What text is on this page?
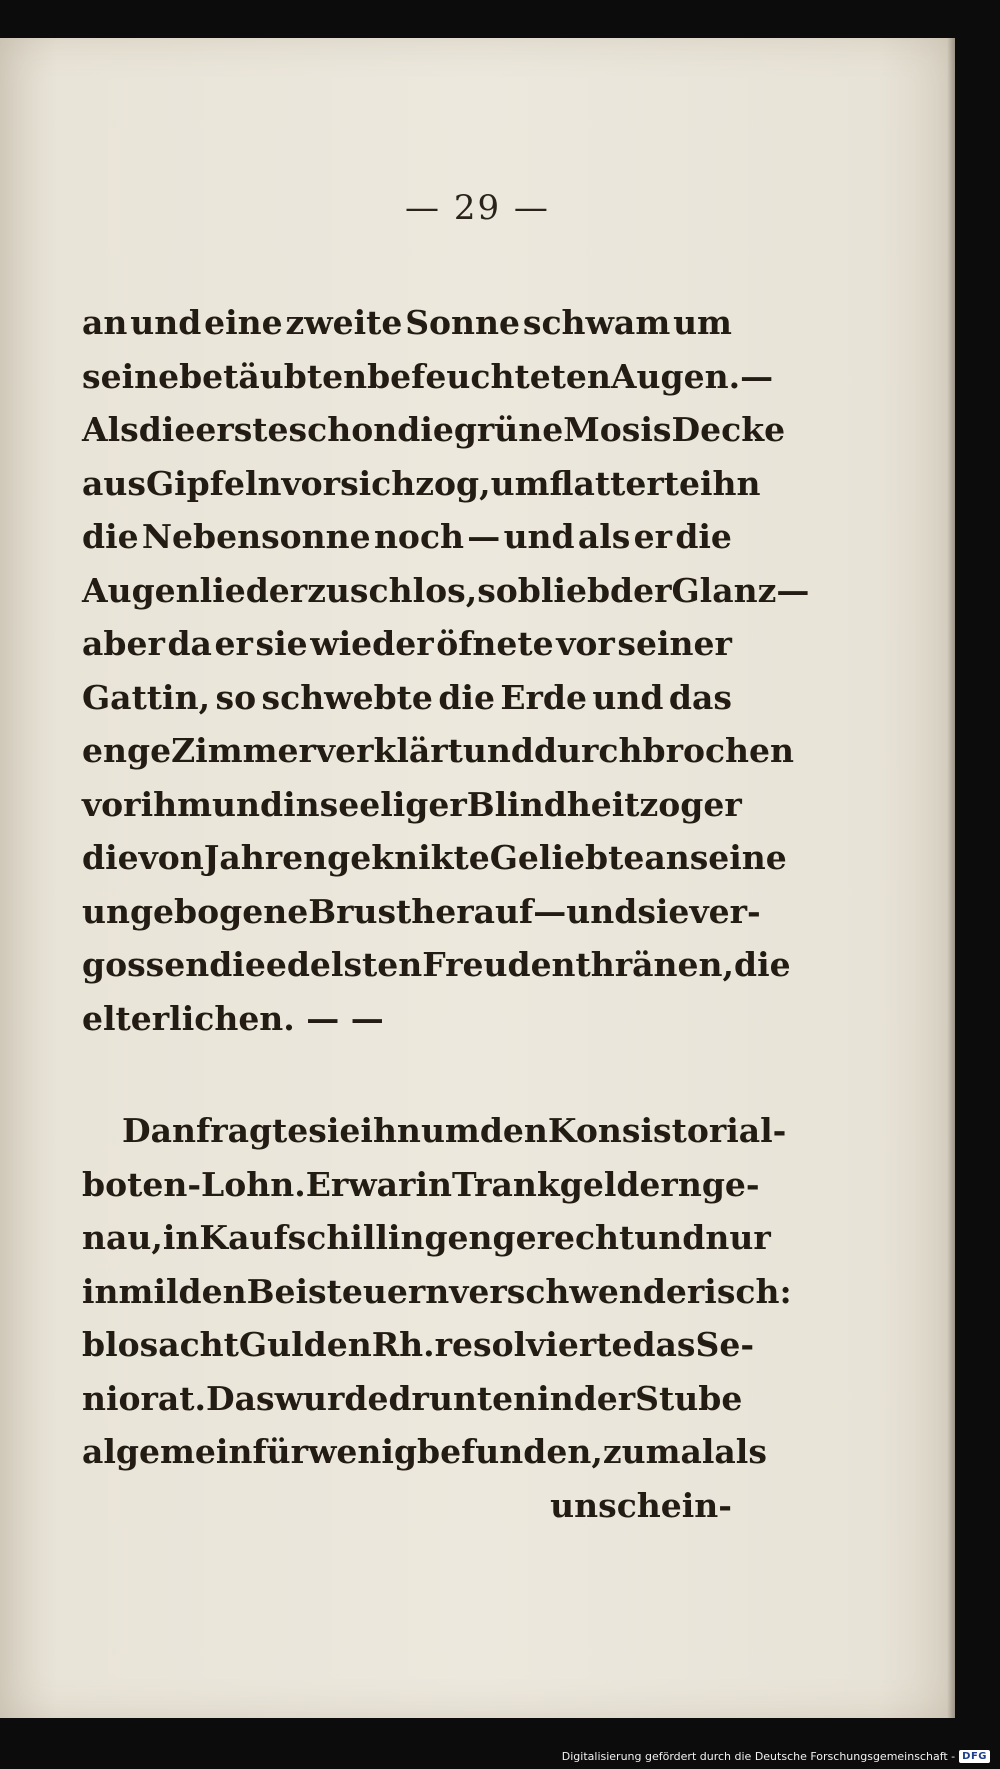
— 29 —
an und eine zweite Sonne schwam um
seine betäubten befeuchteten Augen. —
Als die erste schon die grüne Mosis Decke
aus Gipfeln vor sich zog, umflatterte ihn
die Nebensonne noch — und als er die
Augenlieder zuschlos, so blieb der Glanz —
aber da er sie wieder öfnete vor seiner
Gattin, so schwebte die Erde und das
enge Zimmer verklärt und durchbrochen
vor ihm und in seeliger Blindheit zog er
die von Jahren geknikte Geliebte an seine
ungebogene Brust herauf — und sie ver-
gossen die edelsten Freudenthränen, die
elterlichen. — —
Dan fragte sie ihn um den Konsistorial-
boten-Lohn. Er war in Trankgeldern ge-
nau, in Kaufschillingen gerecht und nur
in milden Beisteuern verschwenderisch:
blos acht Gulden Rh. resolvierte das Se-
niorat. Das wurde drunten in der Stube
algemein für wenig befunden, zumal als
unschein-
Digitalisierung gefördert durch die Deutsche Forschungsgemeinschaft - DFG
